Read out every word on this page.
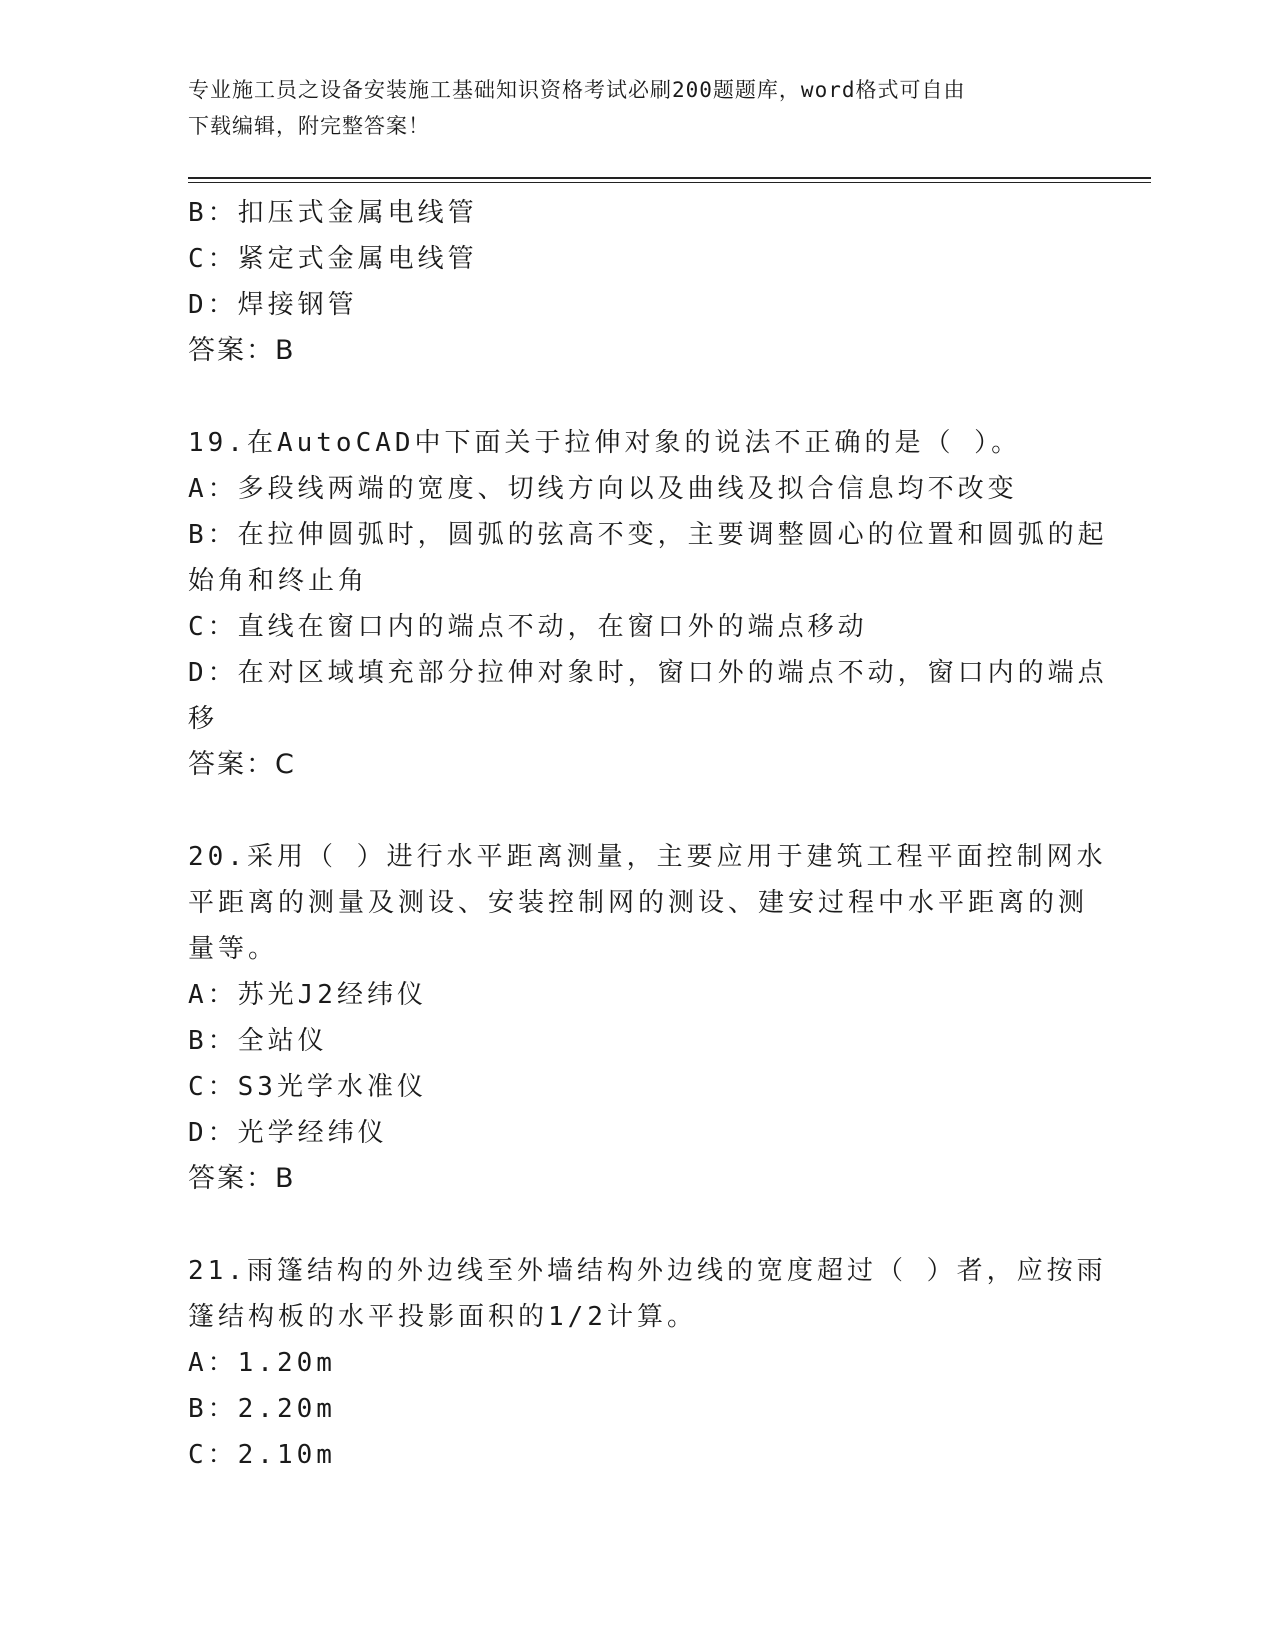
专业施工员之设备安装施工基础知识资格考试必刷200题题库，word格式可自由
下载编辑，附完整答案！
B：扣压式金属电线管
C：紧定式金属电线管
D：焊接钢管
答案：B
19.在AutoCAD中下面关于拉伸对象的说法不正确的是（ ）。
A：多段线两端的宽度、切线方向以及曲线及拟合信息均不改变
B：在拉伸圆弧时，圆弧的弦高不变，主要调整圆心的位置和圆弧的起
始角和终止角
C：直线在窗口内的端点不动，在窗口外的端点移动
D：在对区域填充部分拉伸对象时，窗口外的端点不动，窗口内的端点
移
答案：C
20.采用（ ）进行水平距离测量，主要应用于建筑工程平面控制网水
平距离的测量及测设、安装控制网的测设、建安过程中水平距离的测
量等。
A：苏光J2经纬仪
B：全站仪
C：S3光学水准仪
D：光学经纬仪
答案：B
21.雨篷结构的外边线至外墙结构外边线的宽度超过（ ）者，应按雨
篷结构板的水平投影面积的1/2计算。
A：1.20m
B：2.20m
C：2.10m
